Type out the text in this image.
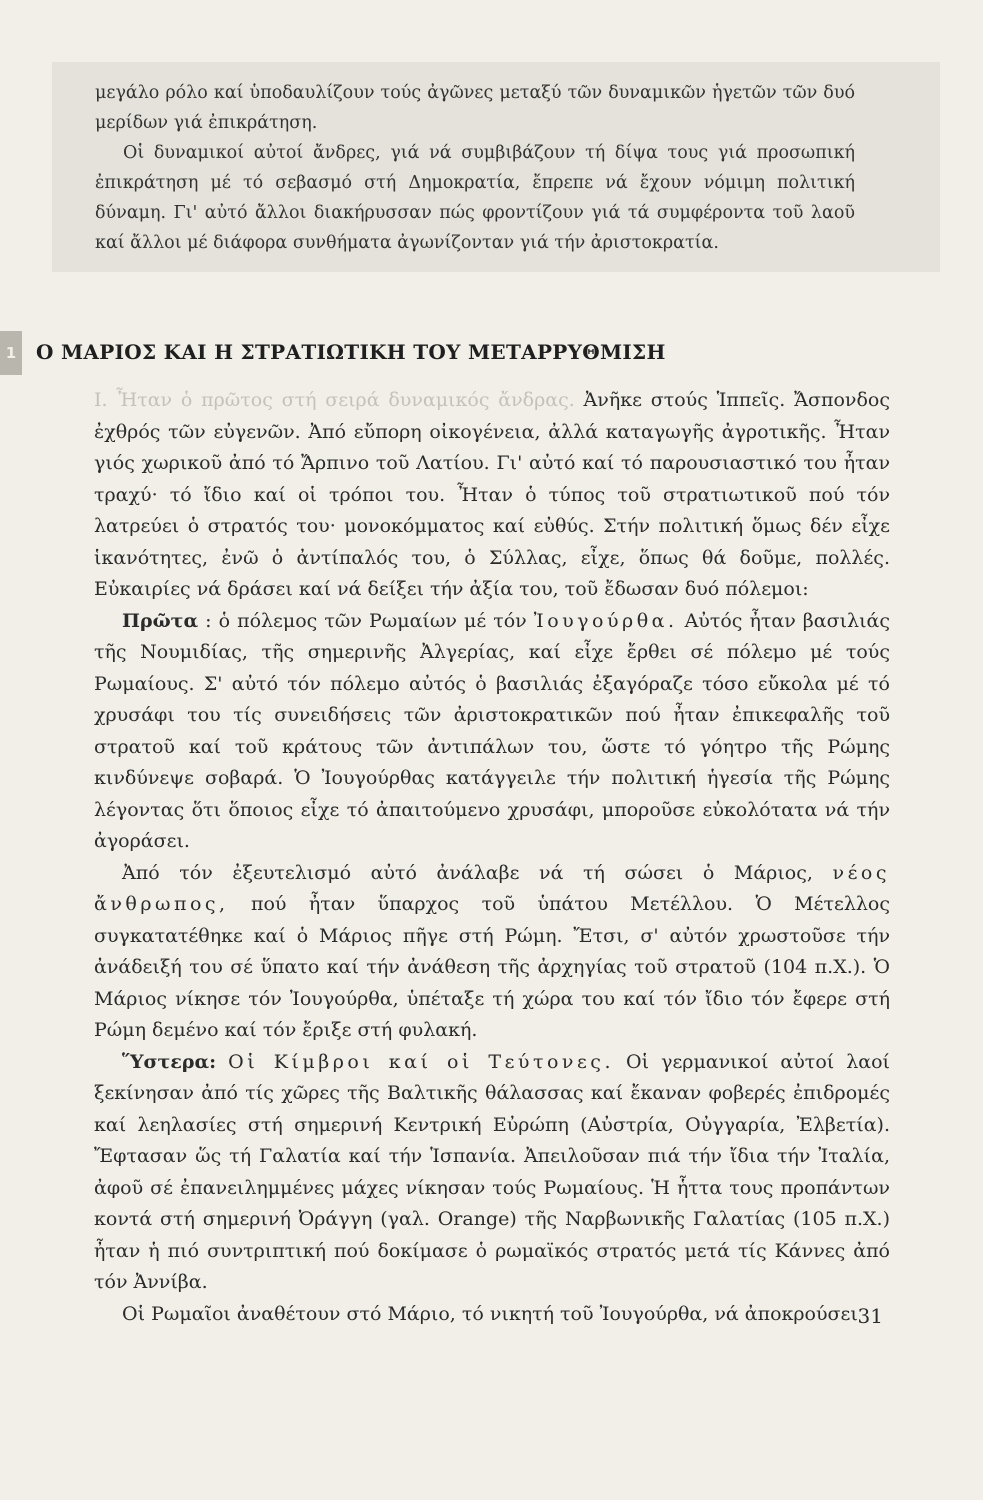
μεγάλο ρόλο καί ὑποδαυλίζουν τούς ἀγῶνες μεταξύ τῶν δυναμικῶν ἡγετῶν τῶν δυό μερίδων γιά ἐπικράτηση.

Οἱ δυναμικοί αὐτοί ἄνδρες, γιά νά συμβιβάζουν τή δίψα τους γιά προσωπική ἐπικράτηση μέ τό σεβασμό στή Δημοκρατία, ἔπρεπε νά ἔχουν νόμιμη πολιτική δύναμη. Γι' αὐτό ἄλλοι διακήρυσσαν πώς φροντίζουν γιά τά συμφέροντα τοῦ λαοῦ καί ἄλλοι μέ διάφορα συνθήματα ἀγωνίζονταν γιά τήν ἀριστοκρατία.

1 Ο ΜΑΡΙΟΣ ΚΑΙ Η ΣΤΡΑΤΙΩΤΙΚΗ ΤΟΥ ΜΕΤΑΡΡΥΘΜΙΣΗ

I. Ἦταν ὁ πρῶτος στή σειρά δυναμικός ἄνδρας. Ἀνῆκε στούς Ἱππεῖς. Ἄσπονδος ἐχθρός τῶν εὐγενῶν. Ἀπό εὔπορη οἰκογένεια, ἀλλά καταγωγῆς ἀγροτικῆς. Ἦταν γιός χωρικοῦ ἀπό τό Ἄρπινο τοῦ Λατίου. Γι' αὐτό καί τό παρουσιαστικό του ἦταν τραχύ· τό ἴδιο καί οἱ τρόποι του. Ἦταν ὁ τύπος τοῦ στρατιωτικοῦ πού τόν λατρεύει ὁ στρατός του· μονοκόμματος καί εὐθύς. Στήν πολιτική ὅμως δέν εἶχε ἱκανότητες, ἐνῶ ὁ ἀντίπαλός του, ὁ Σύλλας, εἶχε, ὅπως θά δοῦμε, πολλές. Εὐκαιρίες νά δράσει καί νά δείξει τήν ἀξία του, τοῦ ἔδωσαν δυό πόλεμοι:

Πρῶτα : ὁ πόλεμος τῶν Ρωμαίων μέ τόν Ἰουγούρθα. Αὐτός ἦταν βασιλιάς τῆς Νουμιδίας, τῆς σημερινῆς Ἀλγερίας, καί εἶχε ἔρθει σέ πόλεμο μέ τούς Ρωμαίους. Σ' αὐτό τόν πόλεμο αὐτός ὁ βασιλιάς ἐξαγόραζε τόσο εὔκολα μέ τό χρυσάφι του τίς συνειδήσεις τῶν ἀριστοκρατικῶν πού ἦταν ἐπικεφαλῆς τοῦ στρατοῦ καί τοῦ κράτους τῶν ἀντιπάλων του, ὥστε τό γόητρο τῆς Ρώμης κινδύνεψε σοβαρά. Ὁ Ἰουγούρθας κατάγγειλε τήν πολιτική ἡγεσία τῆς Ρώμης λέγοντας ὅτι ὅποιος εἶχε τό ἀπαιτούμενο χρυσάφι, μποροῦσε εὐκολότατα νά τήν ἀγοράσει.

Ἀπό τόν ἐξευτελισμό αὐτό ἀνάλαβε νά τή σώσει ὁ Μάριος, νέος ἄνθρωπος, πού ἦταν ὕπαρχος τοῦ ὑπάτου Μετέλλου. Ὁ Μέτελλος συγκατατέθηκε καί ὁ Μάριος πῆγε στή Ρώμη. Ἔτσι, σ' αὐτόν χρωστοῦσε τήν ἀνάδειξή του σέ ὕπατο καί τήν ἀνάθεση τῆς ἀρχηγίας τοῦ στρατοῦ (104 π.Χ.). Ὁ Μάριος νίκησε τόν Ἰουγούρθα, ὑπέταξε τή χώρα του καί τόν ἴδιο τόν ἔφερε στή Ρώμη δεμένο καί τόν ἔριξε στή φυλακή.

Ὕστερα: Οἱ Κίμβροι καί οἱ Τεύτονες. Οἱ γερμανικοί αὐτοί λαοί ξεκίνησαν ἀπό τίς χῶρες τῆς Βαλτικῆς θάλασσας καί ἔκαναν φοβερές ἐπιδρομές καί λεηλασίες στή σημερινή Κεντρική Εὐρώπη (Αὐστρία, Οὐγγαρία, Ἐλβετία). Ἔφτασαν ὥς τή Γαλατία καί τήν Ἱσπανία. Ἀπειλοῦσαν πιά τήν ἴδια τήν Ἰταλία, ἀφοῦ σέ ἐπανειλημμένες μάχες νίκησαν τούς Ρωμαίους. Ἡ ἧττα τους προπάντων κοντά στή σημερινή Ὀράγγη (γαλ. Orange) τῆς Ναρβωνικῆς Γαλατίας (105 π.Χ.) ἦταν ἡ πιό συντριπτική πού δοκίμασε ὁ ρωμαϊκός στρατός μετά τίς Κάννες ἀπό τόν Ἀννίβα.

Οἱ Ρωμαῖοι ἀναθέτουν στό Μάριο, τό νικητή τοῦ Ἰουγούρθα, νά ἀποκρούσει 31
